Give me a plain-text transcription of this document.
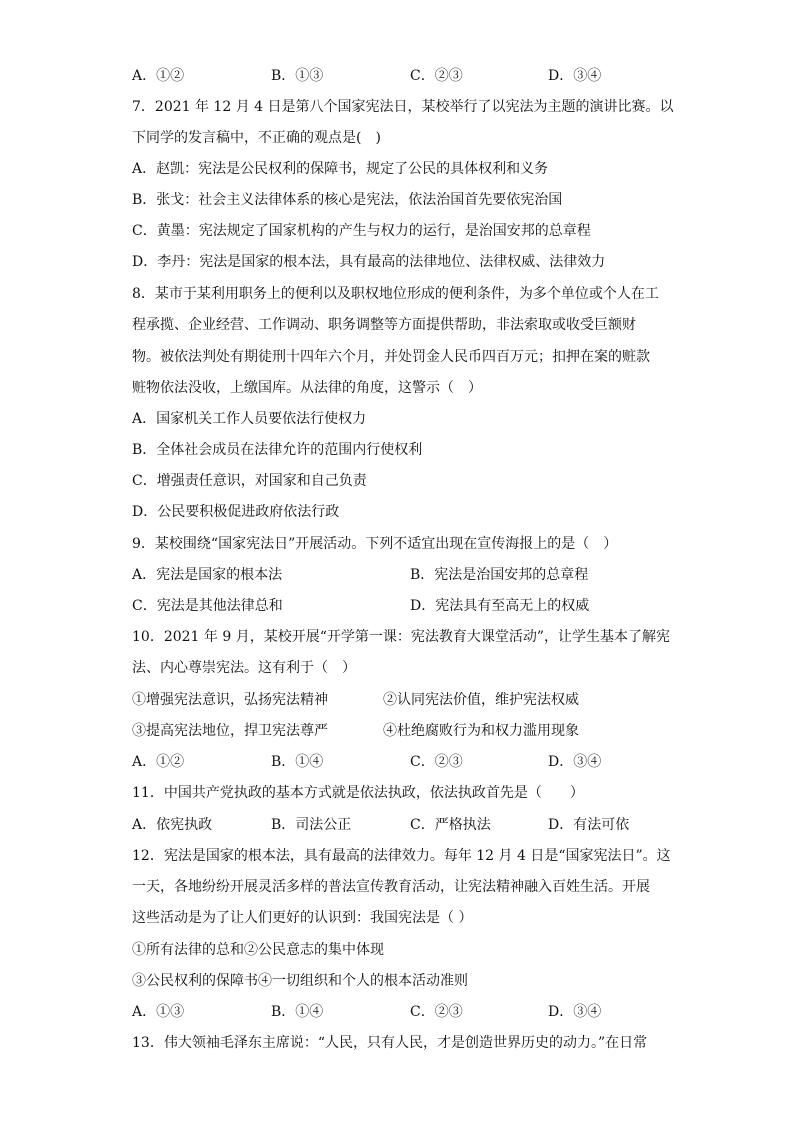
A．①②	B．①③	C．②③	D．③④
7．2021 年 12 月 4 日是第八个国家宪法日，某校举行了以宪法为主题的演讲比赛。以
下同学的发言稿中，不正确的观点是(　)
A．赵凯：宪法是公民权利的保障书，规定了公民的具体权利和义务
B．张戈：社会主义法律体系的核心是宪法，依法治国首先要依宪治国
C．黄墨：宪法规定了国家机构的产生与权力的运行，是治国安邦的总章程
D．李丹：宪法是国家的根本法，具有最高的法律地位、法律权威、法律效力
8．某市于某利用职务上的便利以及职权地位形成的便利条件，为多个单位或个人在工
程承揽、企业经营、工作调动、职务调整等方面提供帮助，非法索取或收受巨额财
物。被依法判处有期徒刑十四年六个月，并处罚金人民币四百万元；扣押在案的赃款
赃物依法没收，上缴国库。从法律的角度，这警示（　）
A．国家机关工作人员要依法行使权力
B．全体社会成员在法律允许的范围内行使权利
C．增强责任意识，对国家和自己负责
D．公民要积极促进政府依法行政
9．某校围绕“国家宪法日”开展活动。下列不适宜出现在宣传海报上的是（　）
A．宪法是国家的根本法	B．宪法是治国安邦的总章程
C．宪法是其他法律总和	D．宪法具有至高无上的权威
10．2021 年 9 月，某校开展“开学第一课：宪法教育大课堂活动”，让学生基本了解宪
法、内心尊崇宪法。这有利于（　）
①增强宪法意识，弘扬宪法精神	②认同宪法价值，维护宪法权威
③提高宪法地位，捍卫宪法尊严	④杜绝腐败行为和权力滥用现象
A．①②	B．①④	C．②③	D．③④
11．中国共产党执政的基本方式就是依法执政，依法执政首先是（　　）
A．依宪执政	B．司法公正	C．严格执法	D．有法可依
12．宪法是国家的根本法，具有最高的法律效力。每年 12 月 4 日是“国家宪法日”。这
一天，各地纷纷开展灵活多样的普法宣传教育活动，让宪法精神融入百姓生活。开展
这些活动是为了让人们更好的认识到：我国宪法是（ ）
①所有法律的总和②公民意志的集中体现
③公民权利的保障书④一切组织和个人的根本活动准则
A．①③	B．①④	C．②③	D．③④
13．伟大领袖毛泽东主席说：“人民，只有人民，才是创造世界历史的动力。”在日常
